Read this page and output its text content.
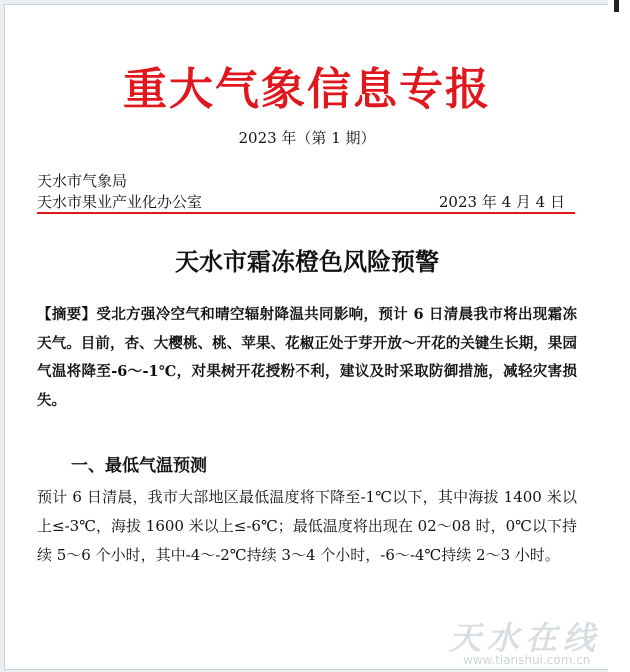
重大气象信息专报
2023 年（第 1 期）
天水市气象局
天水市果业产业化办公室	2023 年 4 月 4 日
天水市霜冻橙色风险预警

【摘要】受北方强冷空气和晴空辐射降温共同影响，预计 6 日清晨我市将出现霜冻天气。目前，杏、大樱桃、桃、苹果、花椒正处于芽开放～开花的关键生长期，果园气温将降至-6～-1℃，对果树开花授粉不利，建议及时采取防御措施，减轻灾害损失。

一、最低气温预测

预计 6 日清晨，我市大部地区最低温度将下降至-1℃以下，其中海拔 1400 米以上≤-3℃，海拔 1600 米以上≤-6℃；最低温度将出现在 02～08 时，0℃以下持续 5～6 个小时，其中-4～-2℃持续 3～4 个小时，-6～-4℃持续 2～3 小时。

天水在线
www.tianshui.com.cn
